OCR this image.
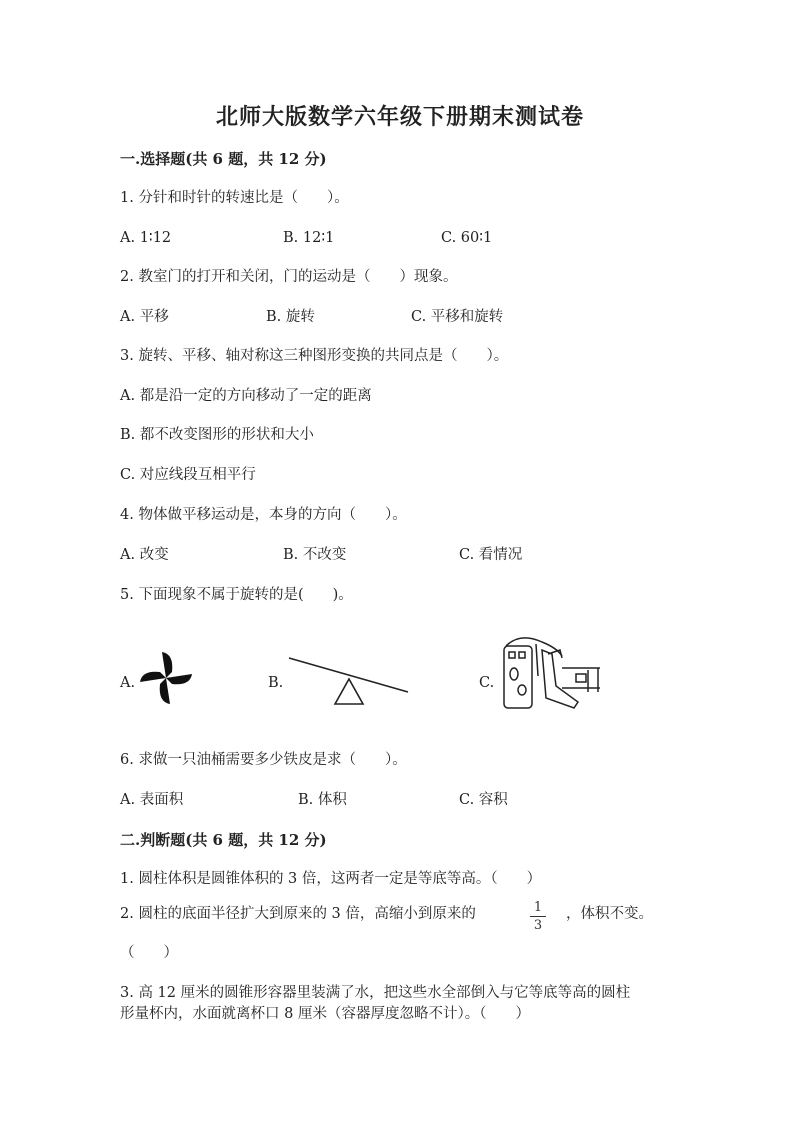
北师大版数学六年级下册期末测试卷
一.选择题(共 6 题，共 12 分)
1. 分针和时针的转速比是（　　）。
A. 1∶12	B. 12∶1	C. 60∶1
2. 教室门的打开和关闭，门的运动是（　　）现象。
A. 平移	B. 旋转	C. 平移和旋转
3. 旋转、平移、轴对称这三种图形变换的共同点是（　　）。
A. 都是沿一定的方向移动了一定的距离
B. 都不改变图形的形状和大小
C. 对应线段互相平行
4. 物体做平移运动是，本身的方向（　　）。
A. 改变	B. 不改变	C. 看情况
5. 下面现象不属于旋转的是(　　)。
A.	B.	C.
6. 求做一只油桶需要多少铁皮是求（　　）。
A. 表面积	B. 体积	C. 容积
二.判断题(共 6 题，共 12 分)
1. 圆柱体积是圆锥体积的 3 倍，这两者一定是等底等高。（　　）
2. 圆柱的底面半径扩大到原来的 3 倍，高缩小到原来的	1
3
，体积不变。
（　　）
3. 高 12 厘米的圆锥形容器里装满了水，把这些水全部倒入与它等底等高的圆柱
形量杯内，水面就离杯口 8 厘米（容器厚度忽略不计）。（　　）
